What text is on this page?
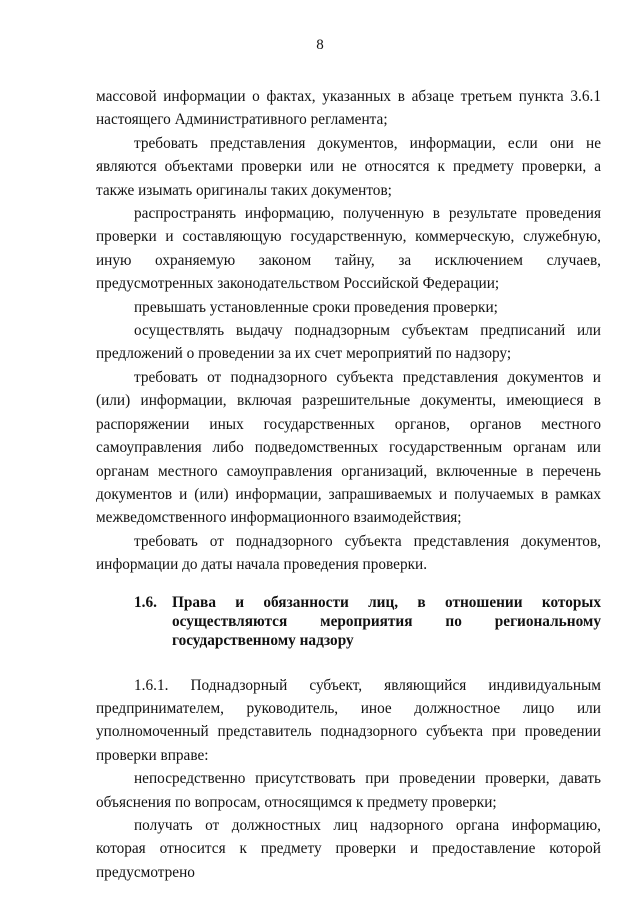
8

массовой информации о фактах, указанных в абзаце третьем пункта 3.6.1 настоящего Административного регламента;

требовать представления документов, информации, если они не являются объектами проверки или не относятся к предмету проверки, а также изымать оригиналы таких документов;

распространять информацию, полученную в результате проведения проверки и составляющую государственную, коммерческую, служебную, иную охраняемую законом тайну, за исключением случаев, предусмотренных законодательством Российской Федерации;

превышать установленные сроки проведения проверки;

осуществлять выдачу поднадзорным субъектам предписаний или предложений о проведении за их счет мероприятий по надзору;

требовать от поднадзорного субъекта представления документов и (или) информации, включая разрешительные документы, имеющиеся в распоряжении иных государственных органов, органов местного самоуправления либо подведомственных государственным органам или органам местного самоуправления организаций, включенные в перечень документов и (или) информации, запрашиваемых и получаемых в рамках межведомственного информационного взаимодействия;

требовать от поднадзорного субъекта представления документов, информации до даты начала проведения проверки.

1.6. Права и обязанности лиц, в отношении которых осуществляются мероприятия по региональному государственному надзору

1.6.1. Поднадзорный субъект, являющийся индивидуальным предпринимателем, руководитель, иное должностное лицо или уполномоченный представитель поднадзорного субъекта при проведении проверки вправе:

непосредственно присутствовать при проведении проверки, давать объяснения по вопросам, относящимся к предмету проверки;

получать от должностных лиц надзорного органа информацию, которая относится к предмету проверки и предоставление которой предусмотрено
